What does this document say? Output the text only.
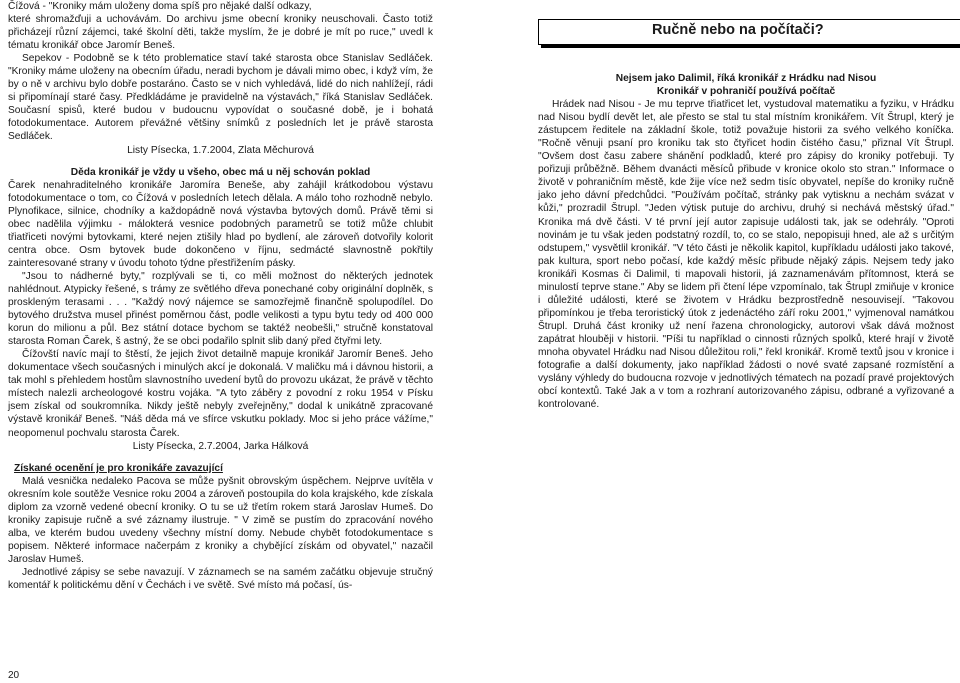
Čížová - "Kroniky mám uloženy doma spíš pro nějaké další odkazy,

které shromažďuji a uchovávám. Do archivu jsme obecní kroniky neuschovali. Často totiž přicházejí různí zájemci, také školní děti, takže myslím, že je dobré je mít po ruce," uvedl k tématu kronikář obce Jaromír Beneš.

Sepekov - Podobně se k této problematice staví také starosta obce Stanislav Sedláček. "Kroniky máme uloženy na obecním úřadu, neradi bychom je dávali mimo obec, i když vím, že by o ně v archivu bylo dobře postaráno. Často se v nich vyhledává, lidé do nich nahlížejí, rádi si připomínají staré časy. Předkládáme je pravidelně na výstavách," říká Stanislav Sedláček. Současní spisů, které budou v budoucnu vypovídat o současné době, je i bohatá fotodokumentace. Autorem převážné většiny snímků z posledních let je právě starosta Sedláček.

Listy Písecka, 1.7.2004, Zlata Měchurová

Děda kronikář je vždy u všeho, obec má u něj schován poklad

Čarek nenahraditelného kronikáře Jaromíra Beneše, aby zahájil krátkodobou výstavu fotodokumentace o tom, co Čížová v posledních letech dělala. A málo toho rozhodně nebylo. Plynofikace, silnice, chodníky a každopádně nová výstavba bytových domů. Právě těmi si obec nadělila výjimku - málokterá vesnice podobných parametrů se totiž může chlubit třiatřiceti novými bytovkami, které nejen ztišily hlad po bydlení, ale zároveň dotvořily kolorit centra obce. Osm bytovek bude dokončeno v říjnu, sedmácté slavnostně pokřtily zainteresované strany v úvodu tohoto týdne přestřižením pásky.

"Jsou to nádherné byty," rozplývali se ti, co měli možnost do některých jednotek nahlédnout. Atypicky řešené, s trámy ze světlého dřeva ponechané coby originální doplněk, s proskleným terasami . . . "Každý nový nájemce se samozřejmě finančně spolupodílel. Do bytového družstva musel přinést poměrnou část, podle velikosti a typu bytu tedy od 400 000 korun do milionu a půl. Bez státní dotace bychom se taktéž neobešli," stručně konstatoval starosta Roman Čarek, š astný, že se obci podařilo splnit slib daný před čtyřmi lety.

Čížovští navíc mají to štěstí, že jejich život detailně mapuje kronikář Jaromír Beneš. Jeho dokumentace všech současných i minulých akcí je dokonalá. V maličku má i dávnou historii, a tak mohl s přehledem hostům slavnostního uvedení bytů do provozu ukázat, že právě v těchto místech nalezli archeologové kostru vojáka. "A tyto záběry z povodní z roku 1954 v Písku jsem získal od soukromníka. Nikdy ještě nebyly zveřejněny," dodal k unikátně zpracované výstavě kronikář Beneš. "Náš děda má ve sfírce vskutku poklady. Moc si jeho práce vážíme," neopomenul pochvalu starosta Čarek.

Listy Písecka, 2.7.2004, Jarka Hálková

Získané ocenění je pro kronikáře zavazující

Malá vesnička nedaleko Pacova se může pyšnit obrovským úspěchem. Nejprve uvítěla v okresním kole soutěže Vesnice roku 2004 a zároveň postoupila do kola krajského, kde získala diplom za vzorně vedené obecní kroniky. O tu se už třetím rokem stará Jaroslav Humeš. Do kroniky zapisuje ručně a své záznamy ilustruje. " V zimě se pustím do zpracování nového alba, ve kterém budou uvedeny všechny místní domy. Nebude chybět fotodokumentace s popisem. Některé informace načerpám z kroniky a chybějící získám od obyvatel," nazačil Jaroslav Humeš.

Jednotlivé zápisy se sebe navazují. V záznamech se na samém začátku objevuje stručný komentář k politickému dění v Čechách i ve světě. Své místo má počasí, ús-

20
Ručně nebo na počítači?

Nejsem jako Dalimil, říká kronikář z Hrádku nad Nisou

Kronikář v pohraničí používá počítač

Hrádek nad Nisou - Je mu teprve třiatřicet let, vystudoval matematiku a fyziku, v Hrádku nad Nisou bydlí devět let, ale přesto se stal tu stal místním kronikářem. Vít Štrupl, který je zástupcem ředitele na základní škole, totiž považuje historii za svého velkého koníčka. "Ročně věnuji psaní pro kroniku tak sto čtyřicet hodin čistého času," přiznal Vít Štrupl. "Ovšem dost času zabere shánění podkladů, které pro zápisy do kroniky potřebuji. Ty pořizuji průběžně. Během dvanácti měsíců přibude v kronice okolo sto stran." Informace o životě v pohraničním městě, kde žije více než sedm tisíc obyvatel, nepíše do kroniky ručně jako jeho dávní předchůdci. "Používám počítač, stránky pak vytisknu a nechám svázat v kůži," prozradil Štrupl. "Jeden výtisk putuje do archivu, druhý si nechává městský úřad." Kronika má dvě části. V té první její autor zapisuje události tak, jak se odehrály. "Oproti novinám je tu však jeden podstatný rozdíl, to, co se stalo, nepopisuji hned, ale až s určitým odstupem," vysvětlil kronikář. "V této části je několik kapitol, kupříkladu události jako takové, pak kultura, sport nebo počasí, kde každý měsíc přibude nějaký zápis. Nejsem tedy jako kronikáři Kosmas či Dalimil, ti mapovali historii, já zaznamenávám přítomnost, která se minulostí teprve stane." Aby se lidem při čtení lépe vzpomínalo, tak Štrupl zmiňuje v kronice i důležité události, které se životem v Hrádku bezprostředně nesouvisejí. "Takovou připomínkou je třeba teroristický útok z jedenáctého září roku 2001," vyjmenoval namátkou Štrupl. Druhá část kroniky už není řazena chronologicky, autorovi však dává možnost zapátrat hlouběji v historii. "Píši tu například o cinnosti různých spolků, které hrají v životě mnoha obyvatel Hrádku nad Nisou důležitou roli," řekl kronikář. Kromě textů jsou v kronice i fotografie a další dokumenty, jako například žádosti o nové svaté zapsané rozmístění a vyslány výhledy do budoucna rozvoje v jednotlivých tématech na pozadí pravé projektových obcí kontextů. Také Jak a v tom a rozhraní autorizovaného zápisu, odbrané a vyřizované a kontrolované.
